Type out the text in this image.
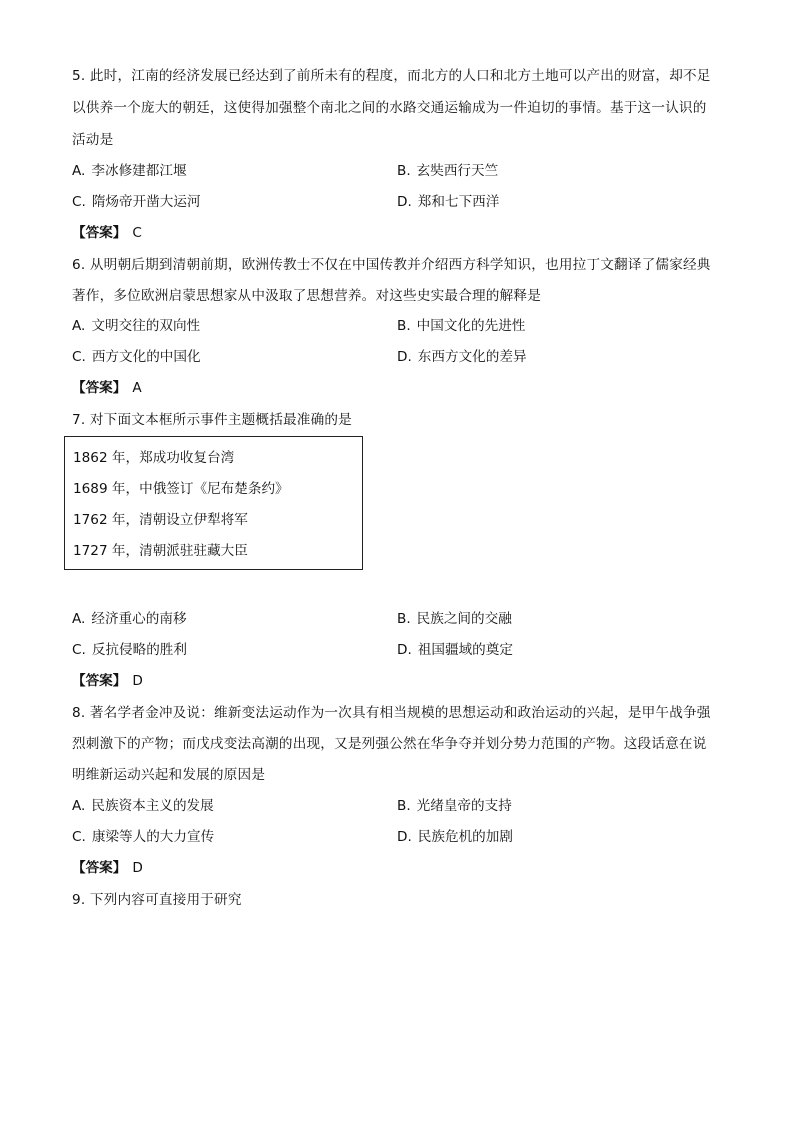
5. 此时，江南的经济发展已经达到了前所未有的程度，而北方的人口和北方土地可以产出的财富，却不足
以供养一个庞大的朝廷，这使得加强整个南北之间的水路交通运输成为一件迫切的事情。基于这一认识的
活动是
A. 李冰修建都江堰	B. 玄奘西行天竺
C. 隋炀帝开凿大运河	D. 郑和七下西洋
【答案】 C
6. 从明朝后期到清朝前期，欧洲传教士不仅在中国传教并介绍西方科学知识，也用拉丁文翻译了儒家经典
著作，多位欧洲启蒙思想家从中汲取了思想营养。对这些史实最合理的解释是
A. 文明交往的双向性	B. 中国文化的先进性
C. 西方文化的中国化	D. 东西方文化的差异
【答案】 A
7. 对下面文本框所示事件主题概括最准确的是
1862 年，郑成功收复台湾
1689 年，中俄签订《尼布楚条约》
1762 年，清朝设立伊犁将军
1727 年，清朝派驻驻藏大臣
A. 经济重心的南移	B. 民族之间的交融
C. 反抗侵略的胜利	D. 祖国疆域的奠定
【答案】 D
8. 著名学者金冲及说：维新变法运动作为一次具有相当规模的思想运动和政治运动的兴起，是甲午战争强
烈刺激下的产物；而戊戌变法高潮的出现，又是列强公然在华争夺并划分势力范围的产物。这段话意在说
明维新运动兴起和发展的原因是
A. 民族资本主义的发展	B. 光绪皇帝的支持
C. 康梁等人的大力宣传	D. 民族危机的加剧
【答案】 D
9. 下列内容可直接用于研究
